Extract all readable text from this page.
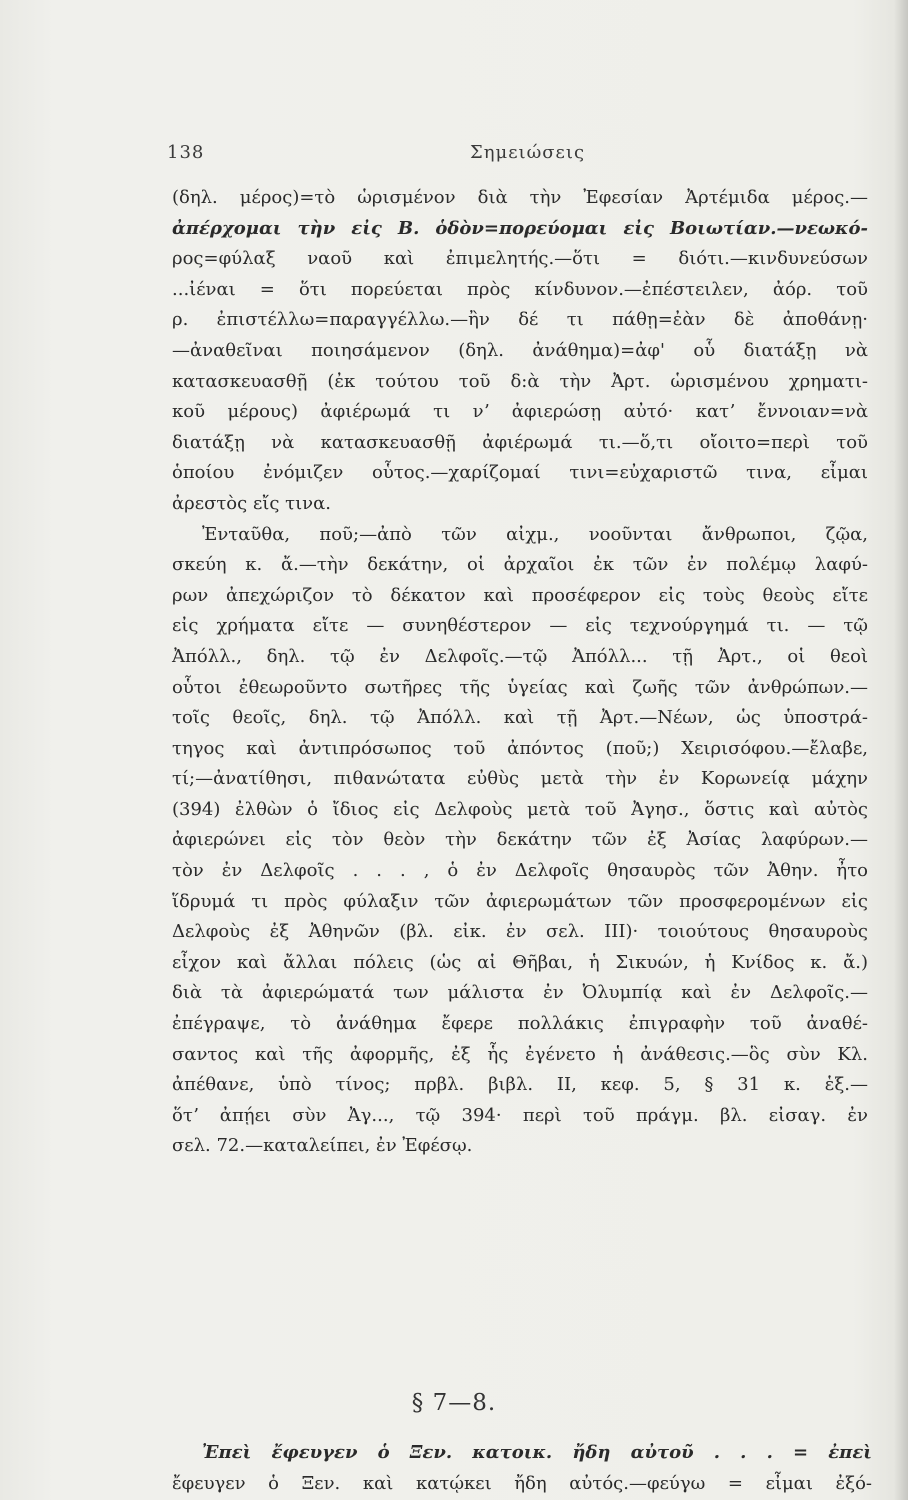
138	Σημειώσεις
(δηλ. μέρος)=τὸ ὡρισμένον διὰ τὴν Ἐφεσίαν Ἀρτέμιδα μέρος.—
ἀπέρχομαι τὴν εἰς Β. ὁδὸν=πορεύομαι εἰς Βοιωτίαν.—νεωκό-
ρος=φύλαξ ναοῦ καὶ ἐπιμελητής.—ὅτι = διότι.—κινδυνεύσων
...ἰέναι = ὅτι πορεύεται πρὸς κίνδυνον.—ἐπέστειλεν, ἀόρ. τοῦ
ρ. ἐπιστέλλω=παραγγέλλω.—ἢν δέ τι πάθῃ=ἐὰν δὲ ἀποθάνῃ·
—ἀναθεῖναι ποιησάμενον (δηλ. ἀνάθημα)=ἀφ' οὗ διατάξῃ νὰ
κατασκευασθῇ (ἐκ τούτου τοῦ δ:ὰ τὴν Ἀρτ. ὡρισμένου χρηματι-
κοῦ μέρους) ἀφιέρωμά τι νʼ ἀφιερώσῃ αὐτό· κατʼ ἔννοιαν=νὰ
διατάξῃ νὰ κατασκευασθῇ ἀφιέρωμά τι.—ὅ,τι οἴοιτο=περὶ τοῦ
ὁποίου ἐνόμιζεν οὗτος.—χαρίζομαί τινι=εὐχαριστῶ τινα, εἶμαι
ἀρεστὸς εἴς τινα.
Ἐνταῦθα, ποῦ;—ἀπὸ τῶν αἰχμ., νοοῦνται ἄνθρωποι, ζῷα,
σκεύη κ. ἄ.—τὴν δεκάτην, οἱ ἀρχαῖοι ἐκ τῶν ἐν πολέμῳ λαφύ-
ρων ἀπεχώριζον τὸ δέκατον καὶ προσέφερον εἰς τοὺς θεοὺς εἴτε
εἰς χρήματα εἴτε — συνηθέστερον — εἰς τεχνούργημά τι. — τῷ
Ἀπόλλ., δηλ. τῷ ἐν Δελφοῖς.—τῷ Ἀπόλλ... τῇ Ἀρτ., οἱ θεοὶ
οὗτοι ἐθεωροῦντο σωτῆρες τῆς ὑγείας καὶ ζωῆς τῶν ἀνθρώπων.—
τοῖς θεοῖς, δηλ. τῷ Ἀπόλλ. καὶ τῇ Ἀρτ.—Νέων, ὡς ὑποστρά-
τηγος καὶ ἀντιπρόσωπος τοῦ ἀπόντος (ποῦ;) Χειρισόφου.—ἔλαβε,
τί;—ἀνατίθησι, πιθανώτατα εὐθὺς μετὰ τὴν ἐν Κορωνείᾳ μάχην
(394) ἐλθὼν ὁ ἴδιος εἰς Δελφοὺς μετὰ τοῦ Ἀγησ., ὅστις καὶ αὐτὸς
ἀφιερώνει εἰς τὸν θεὸν τὴν δεκάτην τῶν ἐξ Ἀσίας λαφύρων.—
τὸν ἐν Δελφοῖς . . . , ὁ ἐν Δελφοῖς θησαυρὸς τῶν Ἀθην. ἦτο
ἵδρυμά τι πρὸς φύλαξιν τῶν ἀφιερωμάτων τῶν προσφερομένων εἰς
Δελφοὺς ἐξ Ἀθηνῶν (βλ. εἰκ. ἐν σελ. III)· τοιούτους θησαυροὺς
εἶχον καὶ ἄλλαι πόλεις (ὡς αἱ Θῆβαι, ἡ Σικυών, ἡ Κνίδος κ. ἄ.)
διὰ τὰ ἀφιερώματά των μάλιστα ἐν Ὀλυμπίᾳ καὶ ἐν Δελφοῖς.—
ἐπέγραψε, τὸ ἀνάθημα ἔφερε πολλάκις ἐπιγραφὴν τοῦ ἀναθέ-
σαντος καὶ τῆς ἀφορμῆς, ἐξ ἧς ἐγένετο ἡ ἀνάθεσις.—ὃς σὺν Κλ.
ἀπέθανε, ὑπὸ τίνος; πρβλ. βιβλ. II, κεφ. 5, § 31 κ. ἑξ.—
ὅτʼ ἀπῄει σὺν Ἀγ..., τῷ 394· περὶ τοῦ πράγμ. βλ. εἰσαγ. ἐν
σελ. 72.—καταλείπει, ἐν Ἐφέσῳ.
§ 7—8.
Ἐπεὶ ἔφευγεν ὁ Ξεν. κατοικ. ἤδη αὐτοῦ . . . = ἐπεὶ
ἔφευγεν ὁ Ξεν. καὶ κατῴκει ἤδη αὐτός.—φεύγω = εἶμαι ἐξό-
